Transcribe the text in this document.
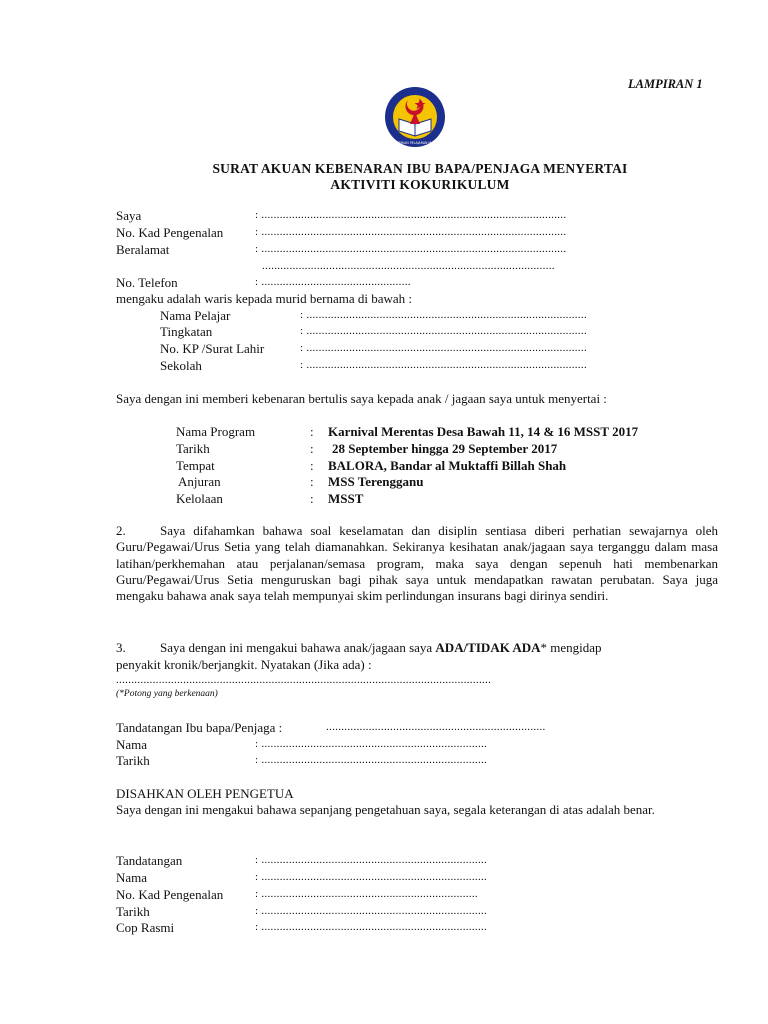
LAMPIRAN 1
KEMENTERIAN PELAJARAN MALAYSIA
SURAT AKUAN KEBENARAN IBU BAPA/PENJAGA MENYERTAI
AKTIVITI KOKURIKULUM
Saya	: ....................................................................................................
No. Kad Pengenalan	: ....................................................................................................
Beralamat	: ....................................................................................................
................................................................................................
No. Telefon	: .................................................
mengaku adalah waris kepada murid bernama di bawah :
Nama Pelajar	: ............................................................................................
Tingkatan	: ............................................................................................
No. KP /Surat Lahir	: ............................................................................................
Sekolah	: ............................................................................................
Saya dengan ini memberi kebenaran bertulis saya kepada anak / jagaan saya untuk menyertai :
Nama Program	: Karnival Merentas Desa Bawah 11, 14 & 16 MSST 2017
Tarikh	: 28 September hingga 29 September 2017
Tempat	: BALORA, Bandar al Muktaffi Billah Shah
Anjuran	: MSS Terengganu
Kelolaan	: MSST
2.	Saya difahamkan bahawa soal keselamatan dan disiplin sentiasa diberi perhatian sewajarnya oleh Guru/Pegawai/Urus Setia yang telah diamanahkan. Sekiranya kesihatan anak/jagaan saya terganggu dalam masa latihan/perkhemahan atau perjalanan/semasa program, maka saya dengan sepenuh hati membenarkan Guru/Pegawai/Urus Setia menguruskan bagi pihak saya untuk mendapatkan rawatan perubatan. Saya juga mengaku bahawa anak saya telah mempunyai skim perlindungan insurans bagi dirinya sendiri.
3.	Saya dengan ini mengakui bahawa anak/jagaan saya ADA/TIDAK ADA* mengidap
penyakit kronik/berjangkit. Nyatakan (Jika ada) :
...........................................................................................................................
(*Potong yang berkenaan)
Tandatangan Ibu bapa/Penjaga :	........................................................................
Nama	: ..........................................................................
Tarikh	: ..........................................................................
DISAHKAN OLEH PENGETUA
Saya dengan ini mengakui bahawa sepanjang pengetahuan saya, segala keterangan di atas adalah benar.
Tandatangan	: ..........................................................................
Nama	: ..........................................................................
No. Kad Pengenalan	: .......................................................................
Tarikh	: ..........................................................................
Cop Rasmi	: ..........................................................................
